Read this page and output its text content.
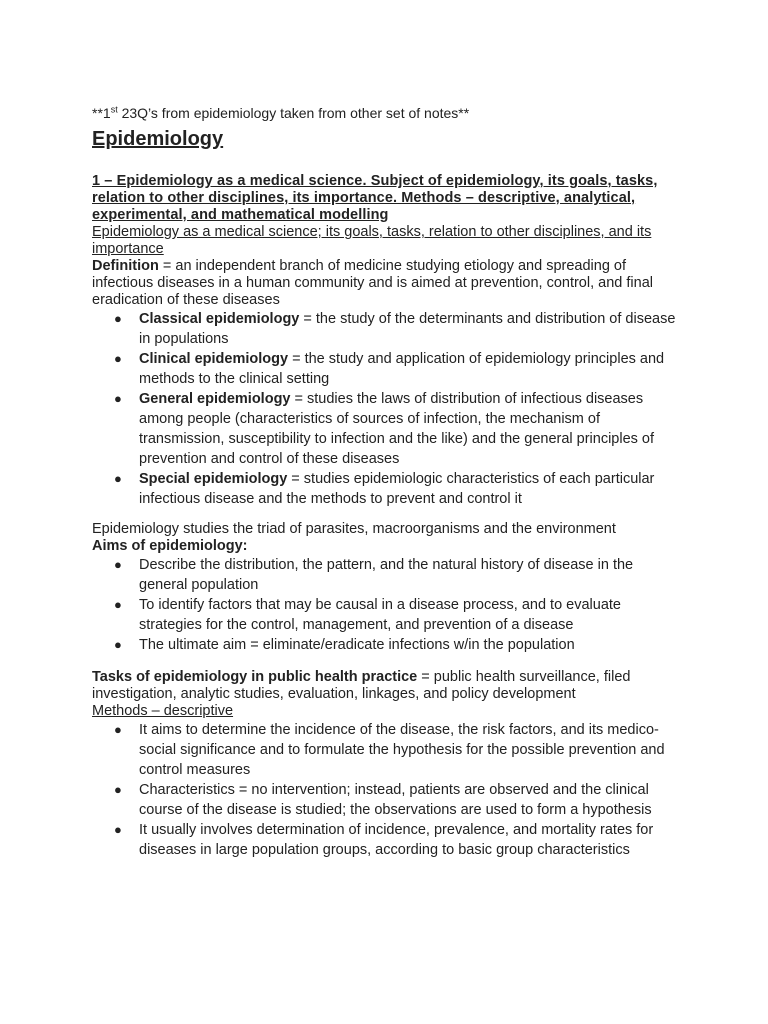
**1st 23Q’s from epidemiology taken from other set of notes**

Epidemiology

1 – Epidemiology as a medical science. Subject of epidemiology, its goals, tasks, relation to other disciplines, its importance. Methods – descriptive, analytical, experimental, and mathematical modelling

Epidemiology as a medical science; its goals, tasks, relation to other disciplines, and its importance

Definition = an independent branch of medicine studying etiology and spreading of infectious diseases in a human community and is aimed at prevention, control, and final eradication of these diseases

● Classical epidemiology = the study of the determinants and distribution of disease in populations
● Clinical epidemiology = the study and application of epidemiology principles and methods to the clinical setting
● General epidemiology = studies the laws of distribution of infectious diseases among people (characteristics of sources of infection, the mechanism of transmission, susceptibility to infection and the like) and the general principles of prevention and control of these diseases
● Special epidemiology = studies epidemiologic characteristics of each particular infectious disease and the methods to prevent and control it

Epidemiology studies the triad of parasites, macroorganisms and the environment

Aims of epidemiology:

● Describe the distribution, the pattern, and the natural history of disease in the general population
● To identify factors that may be causal in a disease process, and to evaluate strategies for the control, management, and prevention of a disease
● The ultimate aim = eliminate/eradicate infections w/in the population

Tasks of epidemiology in public health practice = public health surveillance, filed investigation, analytic studies, evaluation, linkages, and policy development

Methods – descriptive

● It aims to determine the incidence of the disease, the risk factors, and its medico-social significance and to formulate the hypothesis for the possible prevention and control measures
● Characteristics = no intervention; instead, patients are observed and the clinical course of the disease is studied; the observations are used to form a hypothesis
● It usually involves determination of incidence, prevalence, and mortality rates for diseases in large population groups, according to basic group characteristics
